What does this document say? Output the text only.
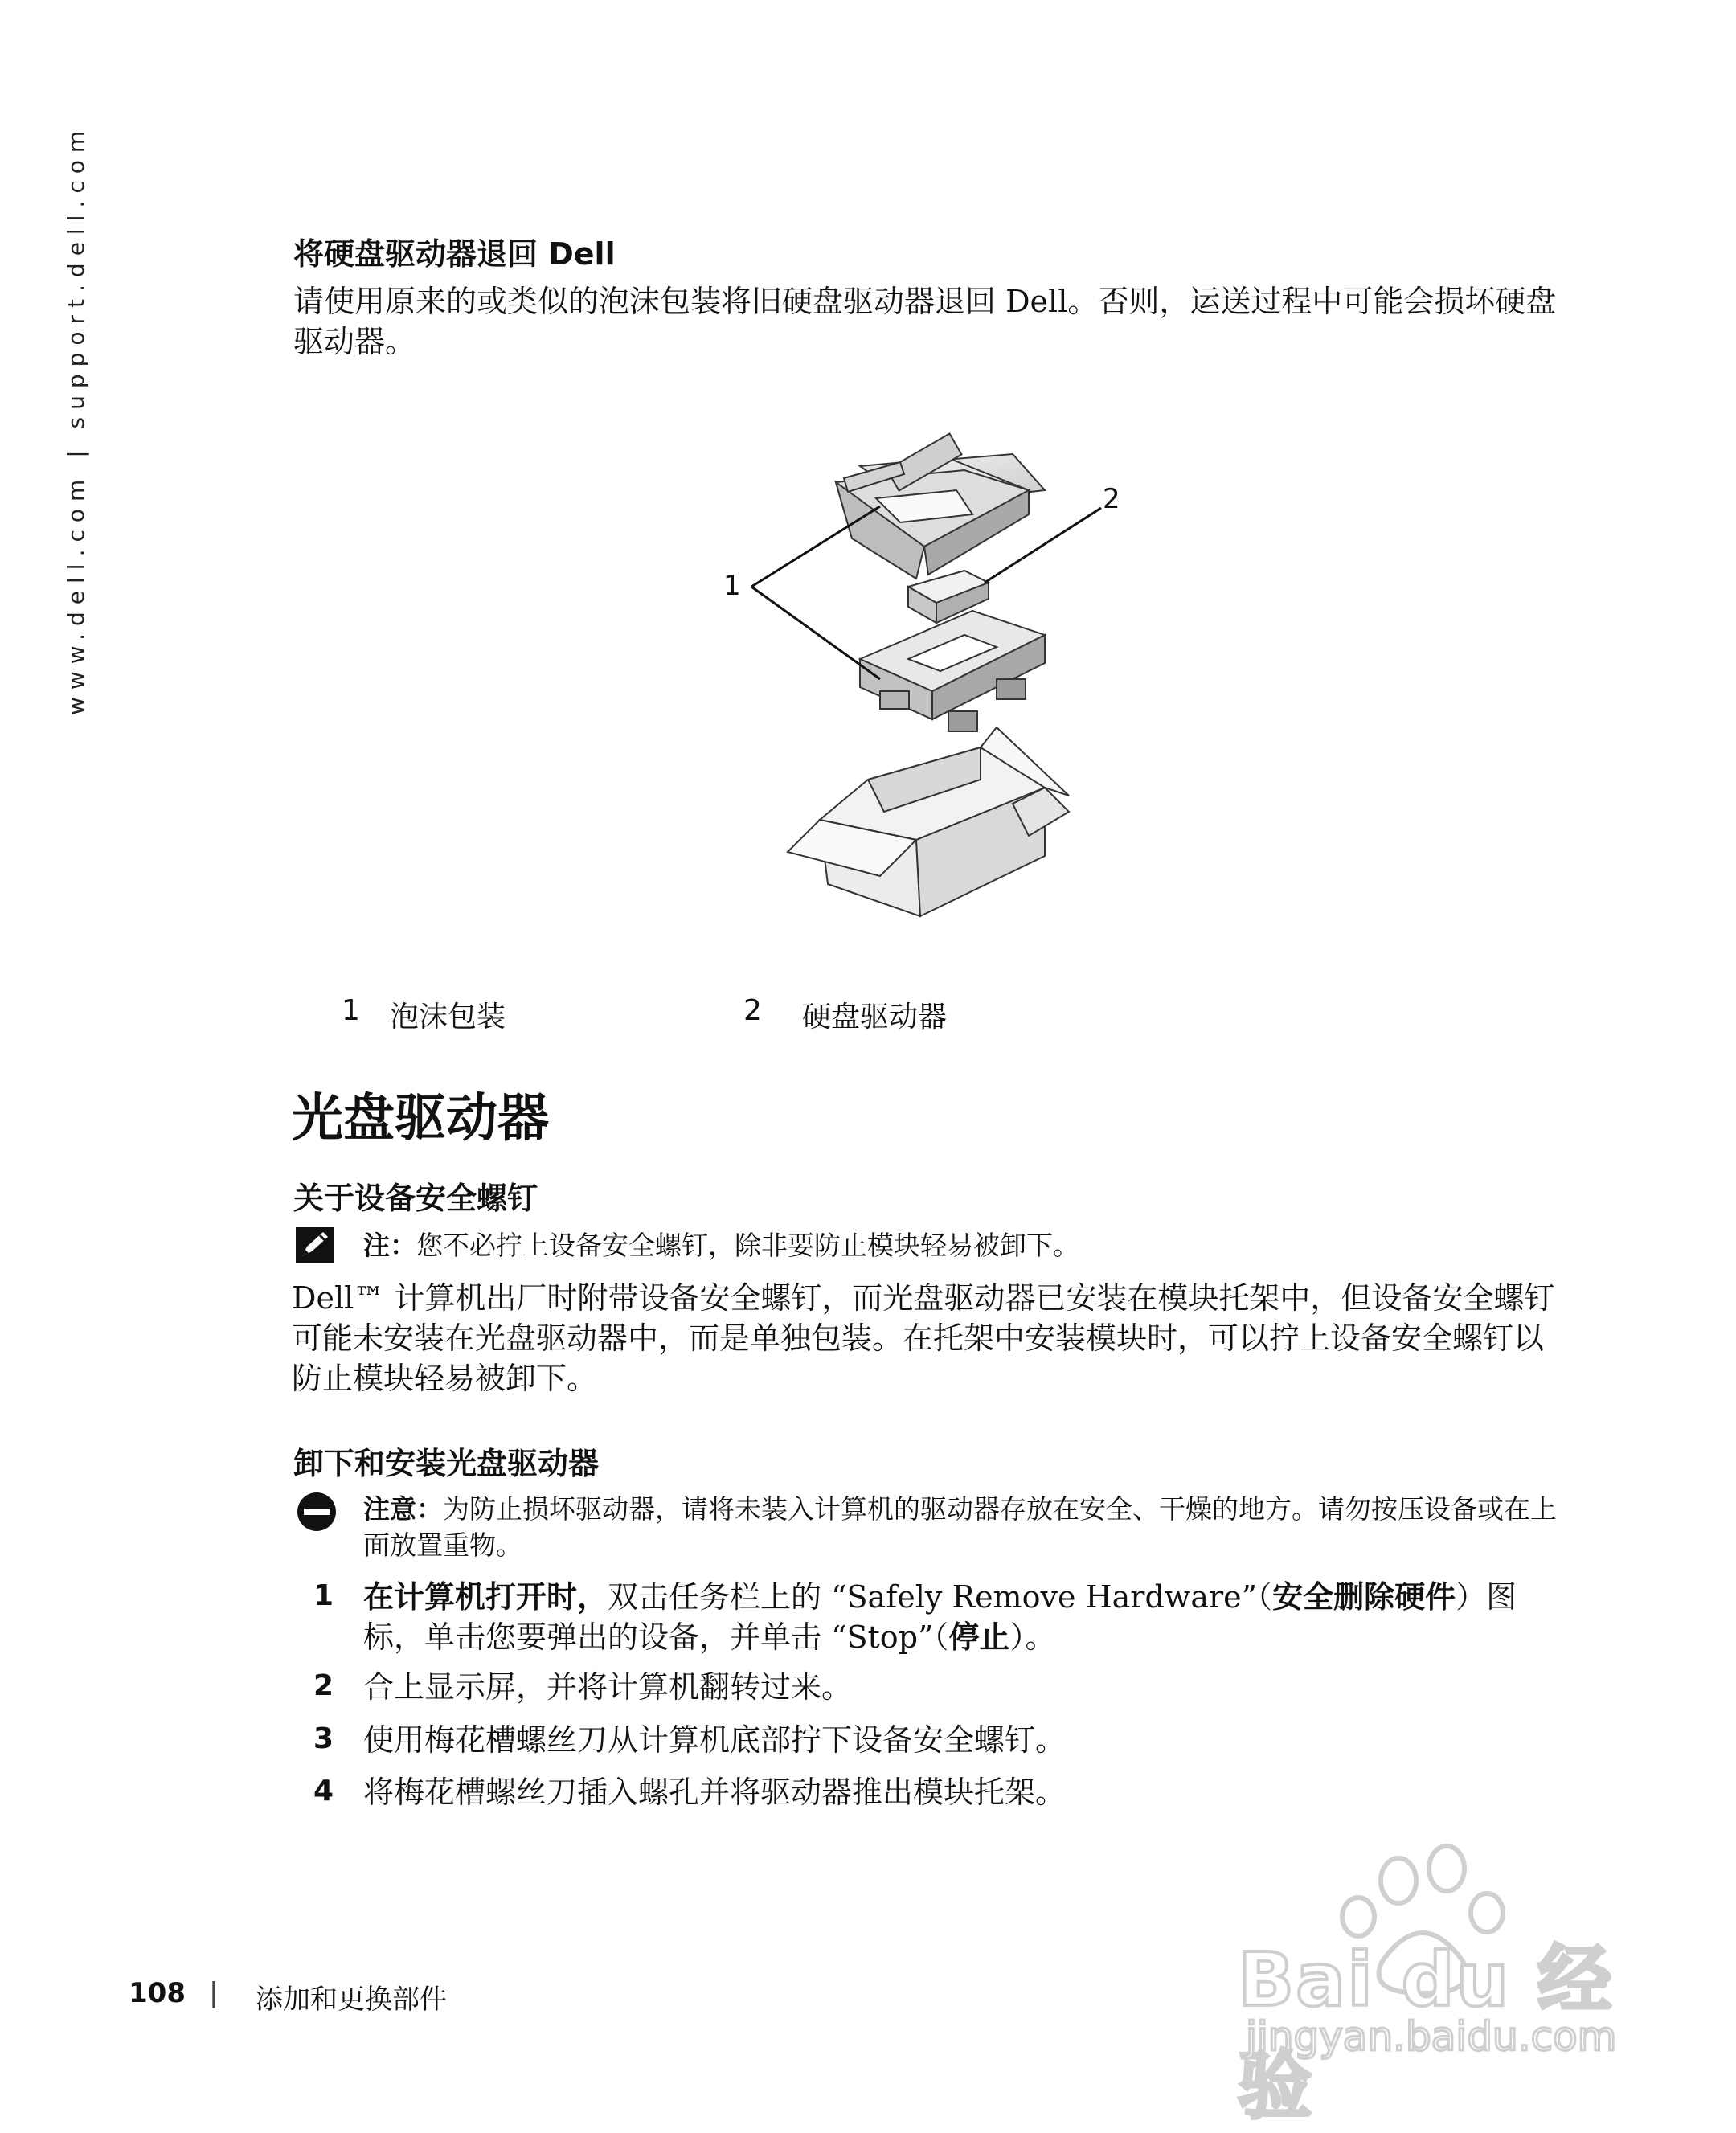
www.dell.com | support.dell.com	将硬盘驱动器退回 Dell
请使用原来的或类似的泡沫包装将旧硬盘驱动器退回 Dell。否则，运送过程中可能会损坏硬盘驱动器。
1
2
1 泡沫包装	2 硬盘驱动器
光盘驱动器
关于设备安全螺钉
注：您不必拧上设备安全螺钉，除非要防止模块轻易被卸下。
Dell™ 计算机出厂时附带设备安全螺钉，而光盘驱动器已安装在模块托架中，但设备安全螺钉可能未安装在光盘驱动器中，而是单独包装。在托架中安装模块时，可以拧上设备安全螺钉以防止模块轻易被卸下。
卸下和安装光盘驱动器
注意：为防止损坏驱动器，请将未装入计算机的驱动器存放在安全、干燥的地方。请勿按压设备或在上面放置重物。
1 在计算机打开时，双击任务栏上的 “Safely Remove Hardware”（安全删除硬件）图标，单击您要弹出的设备，并单击 “Stop”（停止）。
2 合上显示屏，并将计算机翻转过来。
3 使用梅花槽螺丝刀从计算机底部拧下设备安全螺钉。
4 将梅花槽螺丝刀插入螺孔并将驱动器推出模块托架。
108 | 添加和更换部件	Bai du 经验
jingyan.baidu.com
